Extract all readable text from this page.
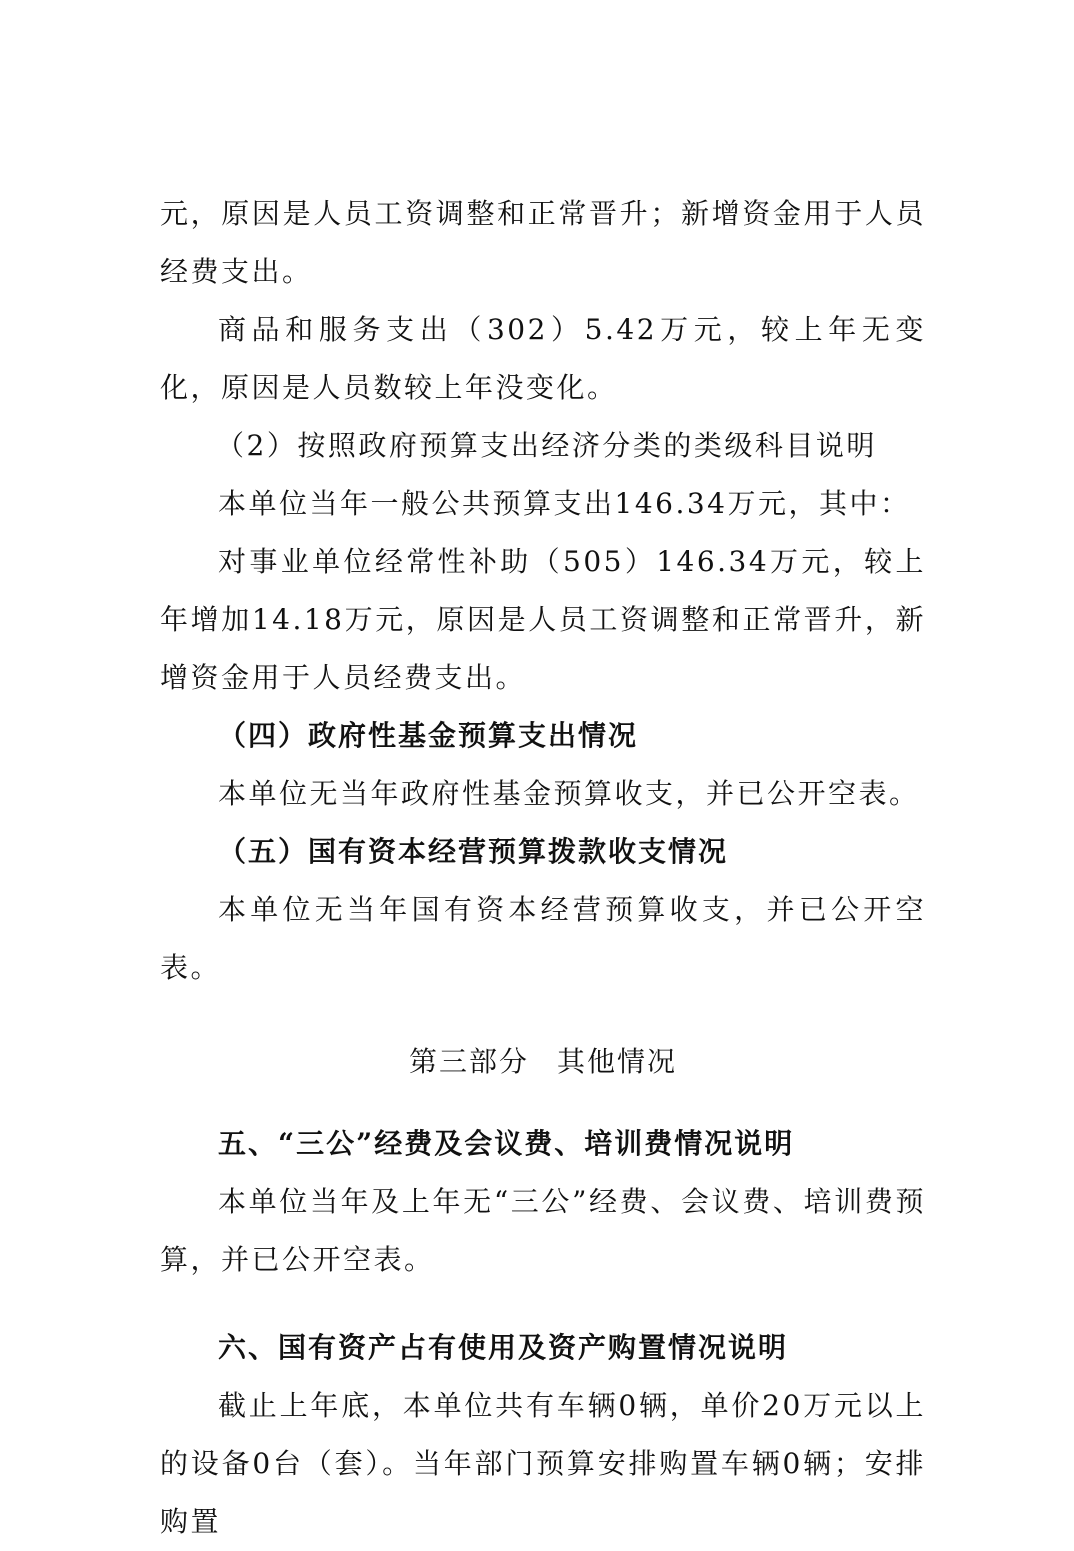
元，原因是人员工资调整和正常晋升；新增资金用于人员经费支出。

商品和服务支出（302）5.42万元，较上年无变化，原因是人员数较上年没变化。

（2）按照政府预算支出经济分类的类级科目说明

本单位当年一般公共预算支出146.34万元，其中：

对事业单位经常性补助（505）146.34万元，较上年增加14.18万元，原因是人员工资调整和正常晋升，新增资金用于人员经费支出。

（四）政府性基金预算支出情况

本单位无当年政府性基金预算收支，并已公开空表。

（五）国有资本经营预算拨款收支情况

本单位无当年国有资本经营预算收支，并已公开空表。

第三部分 其他情况

五、“三公”经费及会议费、培训费情况说明

本单位当年及上年无“三公”经费、会议费、培训费预算，并已公开空表。

六、国有资产占有使用及资产购置情况说明

截止上年底，本单位共有车辆0辆，单价20万元以上的设备0台（套）。当年部门预算安排购置车辆0辆；安排购置
